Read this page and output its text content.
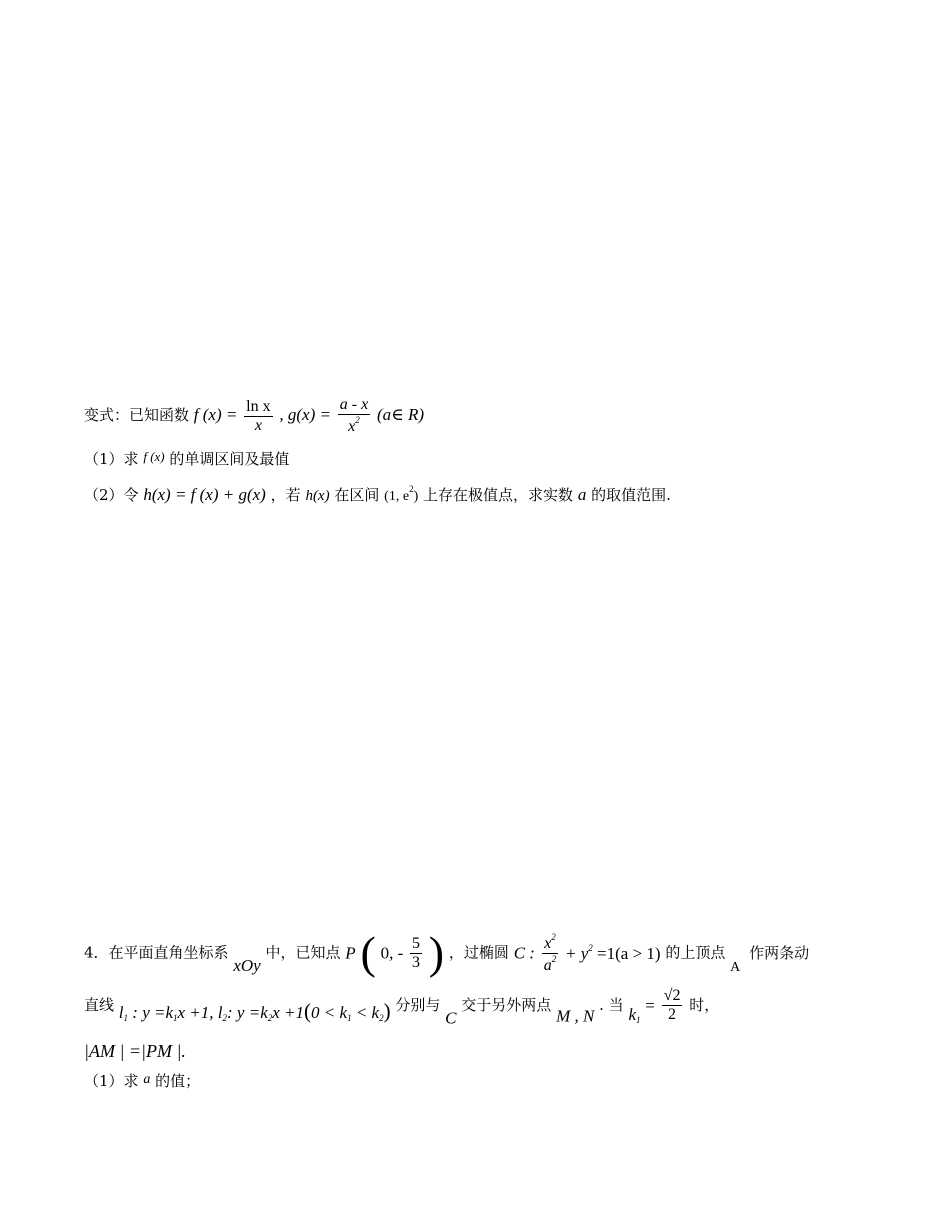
变式：已知函数 f $(x) = \frac{\text{ln x}}{x}$ , $g(x) = \frac{a - x}{x^2}$ (a∈ R)
（1）求 f (x) 的单调区间及最值
（2）令 h(x) = f (x) + g(x) ，若 h(x) 在区间 (1, $e^2$) 上存在极值点，求实数 a 的取值范围.
4．在平面直角坐标系 xOy 中，已知点 P ( 0, - $\frac{5}{3}$ ) ，过椭圆 C : $\frac{x^2}{a^2} + y^2 =1(a > 1)$ 的上顶点 A 作两条动
直线 $l_1$ : $y =k_1x +1$, $l_2$: $y =k_2x +1(0 < k_1 < k_2)$ 分别与 C 交于另外两点 M , N . 当 $k_1 = \frac{√2}{2}$ 时，
|AM | =|PM |.
（1）求 a 的值；
